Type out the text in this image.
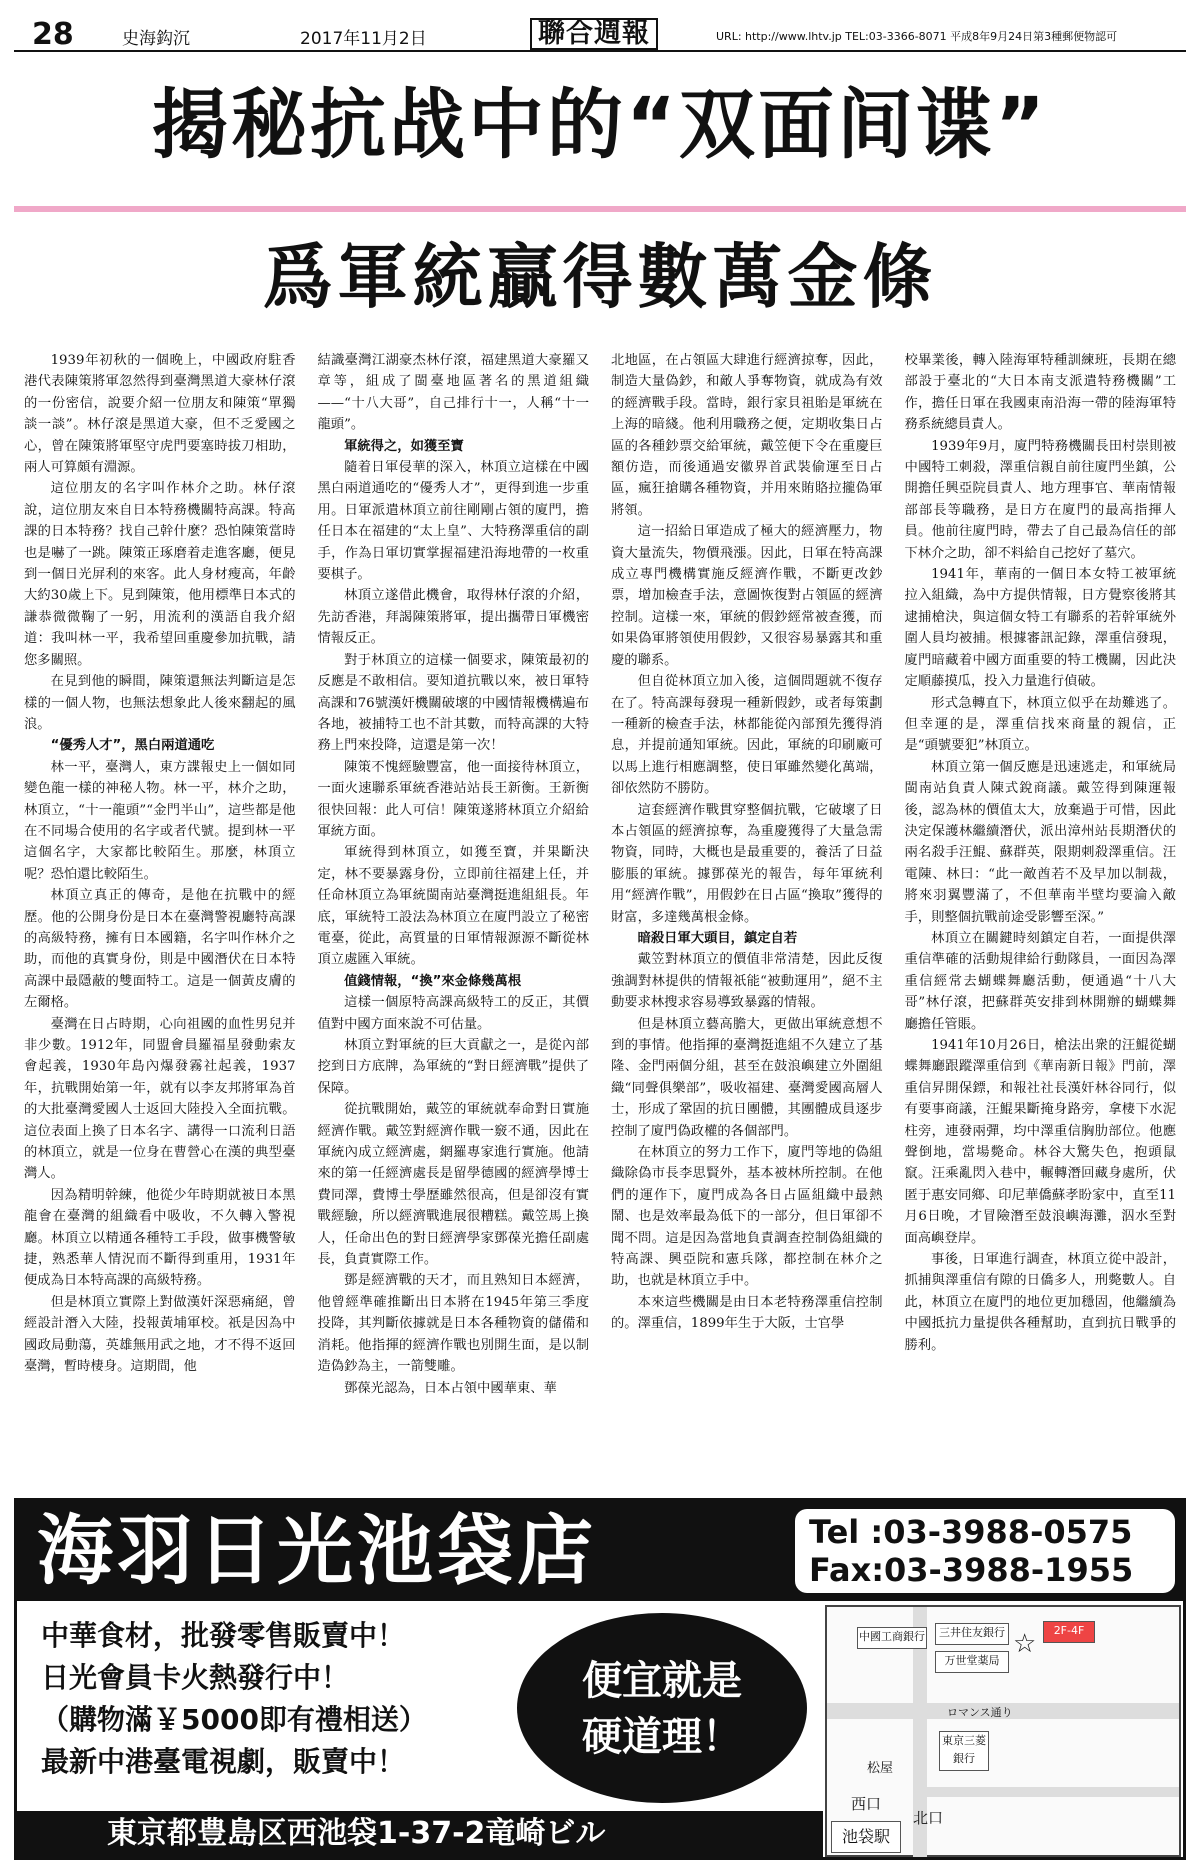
28	史海鈎沉	2017年11月2日	聯合週報	URL: http://www.lhtv.jp TEL:03-3366-8071 平成8年9月24日第3種郵便物認可
揭秘抗战中的“双面间谍”
爲軍統贏得數萬金條

1939年初秋的一個晚上，中國政府駐香港代表陳策將軍忽然得到臺灣黑道大豪林仔滾的一份密信，說要介紹一位朋友和陳策“單獨談一談”。林仔滾是黑道大豪，但不乏愛國之心，曾在陳策將軍堅守虎門要塞時拔刀相助，兩人可算頗有淵源。

這位朋友的名字叫作林介之助。林仔滾說，這位朋友來自日本特務機關特高課。特高課的日本特務？找自己幹什麼？恐怕陳策當時也是嚇了一跳。陳策正琢磨着走進客廳，便見到一個日光屏利的來客。此人身材瘦高，年齡大約30歲上下。見到陳策，他用標準日本式的謙恭微微鞠了一躬，用流利的漢語自我介紹道：我叫林一平，我希望回重慶參加抗戰，請您多關照。

在見到他的瞬間，陳策還無法判斷這是怎樣的一個人物，也無法想象此人後來翻起的風浪。

“優秀人才”，黑白兩道通吃

林一平，臺灣人，東方諜報史上一個如同變色龍一樣的神秘人物。林一平，林介之助，林頂立，“十一龍頭”“金門半山”，這些都是他在不同場合使用的名字或者代號。提到林一平這個名字，大家都比較陌生。那麼，林頂立呢？恐怕還比較陌生。

林頂立真正的傳奇，是他在抗戰中的經歷。他的公開身份是日本在臺灣警視廳特高課的高級特務，擁有日本國籍，名字叫作林介之助，而他的真實身份，則是中國潛伏在日本特高課中最隱蔽的雙面特工。這是一個黃皮膚的左爾格。

臺灣在日占時期，心向祖國的血性男兒并非少數。1912年，同盟會員羅福星發動索友會起義，1930年島內爆發霧社起義，1937年，抗戰開始第一年，就有以李友邦將軍為首的大批臺灣愛國人士返回大陸投入全面抗戰。這位表面上換了日本名字、講得一口流利日語的林頂立，就是一位身在曹營心在漢的典型臺灣人。

因為精明幹練，他從少年時期就被日本黑龍會在臺灣的組織看中吸收，不久轉入警視廳。林頂立以精通各種特工手段，做事機警敏捷，熟悉華人情況而不斷得到重用，1931年便成為日本特高課的高級特務。

但是林頂立實際上對做漢奸深惡痛絕，曾經設計潛入大陸，投報黃埔軍校。祇是因為中國政局動蕩，英雄無用武之地，才不得不返回臺灣，暫時棲身。這期間，他

結識臺灣江湖豪杰林仔滾，福建黑道大豪羅又章等，組成了閩臺地區著名的黑道組織——“十八大哥”，自己排行十一，人稱“十一龍頭”。

軍統得之，如獲至寶

隨着日軍侵華的深入，林頂立這樣在中國黑白兩道通吃的“優秀人才”，更得到進一步重用。日軍派遣林頂立前往剛剛占領的廈門，擔任日本在福建的“太上皇”、大特務澤重信的副手，作為日軍切實掌握福建沿海地帶的一枚重要棋子。

林頂立遂借此機會，取得林仔滾的介紹，先訪香港，拜謁陳策將軍，提出攜帶日軍機密情報反正。

對于林頂立的這樣一個要求，陳策最初的反應是不敢相信。要知道抗戰以來，被日軍特高課和76號漢奸機關破壞的中國情報機構遍布各地，被捕特工也不計其數，而特高課的大特務上門來投降，這還是第一次！

陳策不愧經驗豐富，他一面接待林頂立，一面火速聯系軍統香港站站長王新衡。王新衡很快回報：此人可信！陳策遂將林頂立介紹給軍統方面。

軍統得到林頂立，如獲至寶，并果斷決定，林不要暴露身份，立即前往福建上任，并任命林頂立為軍統閩南站臺灣挺進組組長。年底，軍統特工設法為林頂立在廈門設立了秘密電臺，從此，高質量的日軍情報源源不斷從林頂立處匯入軍統。

值錢情報，“換”來金條幾萬根

這樣一個原特高課高級特工的反正，其價值對中國方面來說不可估量。

林頂立對軍統的巨大貢獻之一，是從內部挖到日方底牌，為軍統的“對日經濟戰”提供了保障。

從抗戰開始，戴笠的軍統就奉命對日實施經濟作戰。戴笠對經濟作戰一竅不通，因此在軍統內成立經濟處，網羅專家進行實施。他請來的第一任經濟處長是留學德國的經濟學博士費同澤，費博士學歷雖然很高，但是卻沒有實戰經驗，所以經濟戰進展很糟糕。戴笠馬上換人，任命出色的對日經濟學家鄧葆光擔任副處長，負責實際工作。

鄧是經濟戰的天才，而且熟知日本經濟，他曾經準確推斷出日本將在1945年第三季度投降，其判斷依據就是日本各種物資的儲備和消耗。他指揮的經濟作戰也別開生面，是以制造偽鈔為主，一箭雙雕。

鄧葆光認為，日本占領中國華東、華

北地區，在占領區大肆進行經濟掠奪，因此，制造大量偽鈔，和敵人爭奪物資，就成為有效的經濟戰手段。當時，銀行家貝祖貽是軍統在上海的暗綫。他利用職務之便，定期收集日占區的各種鈔票交給軍統，戴笠便下令在重慶巨額仿造，而後通過安徽界首武裝偷運至日占區，瘋狂搶購各種物資，并用來賄賂拉攏偽軍將領。

這一招給日軍造成了極大的經濟壓力，物資大量流失，物價飛漲。因此，日軍在特高課成立專門機構實施反經濟作戰，不斷更改鈔票，增加檢查手法，意圖恢復對占領區的經濟控制。這樣一來，軍統的假鈔經常被查獲，而如果偽軍將領使用假鈔，又很容易暴露其和重慶的聯系。

但自從林頂立加入後，這個問題就不復存在了。特高課每發現一種新假鈔，或者每策劃一種新的檢查手法，林都能從內部預先獲得消息，并提前通知軍統。因此，軍統的印刷廠可以馬上進行相應調整，使日軍雖然變化萬端，卻依然防不勝防。

這套經濟作戰貫穿整個抗戰，它破壞了日本占領區的經濟掠奪，為重慶獲得了大量急需物資，同時，大概也是最重要的，養活了日益膨脹的軍統。據鄧葆光的報告，每年軍統利用“經濟作戰”，用假鈔在日占區“換取”獲得的財富，多達幾萬根金條。

暗殺日軍大頭目，鎮定自若

戴笠對林頂立的價值非常清楚，因此反復強調對林提供的情報祇能“被動運用”，絕不主動要求林搜求容易導致暴露的情報。

但是林頂立藝高膽大，更做出軍統意想不到的事情。他指揮的臺灣挺進組不久建立了基隆、金門兩個分組，甚至在鼓浪嶼建立外圍組織“同聲俱樂部”，吸收福建、臺灣愛國高層人士，形成了鞏固的抗日團體，其團體成員逐步控制了廈門偽政權的各個部門。

在林頂立的努力工作下，廈門等地的偽組織除偽市長李思賢外，基本被林所控制。在他們的運作下，廈門成為各日占區組織中最熱鬧、也是效率最為低下的一部分，但日軍卻不聞不問。這是因為當地負責調查控制偽組織的特高課、興亞院和憲兵隊，都控制在林介之助，也就是林頂立手中。

本來這些機關是由日本老特務澤重信控制的。澤重信，1899年生于大阪，士官學

校畢業後，轉入陸海軍特種訓練班，長期在總部設于臺北的“大日本南支派遣特務機關”工作，擔任日軍在我國東南沿海一帶的陸海軍特務系統總員責人。

1939年9月，廈門特務機關長田村崇則被中國特工刺殺，澤重信親自前往廈門坐鎮，公開擔任興亞院員責人、地方理事官、華南情報部部長等職務，是日方在廈門的最高指揮人員。他前往廈門時，帶去了自己最為信任的部下林介之助，卻不料給自己挖好了墓穴。

1941年，華南的一個日本女特工被軍統拉入組織，為中方提供情報，日方覺察後將其逮捕槍決，與這個女特工有聯系的若幹軍統外圍人員均被捕。根據審訊記錄，澤重信發現，廈門暗藏着中國方面重要的特工機關，因此決定順藤摸瓜，投入力量進行偵破。

形式急轉直下，林頂立似乎在劫難逃了。但幸運的是，澤重信找來商量的親信，正是“頭號要犯”林頂立。

林頂立第一個反應是迅速逃走，和軍統局閩南站負責人陳式銳商議。戴笠得到陳運報後，認為林的價值太大，放棄過于可惜，因此決定保護林繼續潛伏，派出漳州站長期潛伏的兩名殺手汪鯤、蘇群英，限期刺殺澤重信。汪電陳、林曰：“此一敵酋若不及早加以制裁，將來羽翼豐滿了，不但華南半壁均要淪入敵手，則整個抗戰前途受影響至深。”

林頂立在關鍵時刻鎮定自若，一面提供澤重信準確的活動規律給行動隊員，一面因為澤重信經常去蝴蝶舞廳活動，便通過“十八大哥”林仔滾，把蘇群英安排到林開辦的蝴蝶舞廳擔任管賬。

1941年10月26日，槍法出衆的汪鯤從蝴蝶舞廳跟蹤澤重信到《華南新日報》門前，澤重信昇開保鏢，和報社社長漢奸林谷同行，似有要事商議，汪鯤果斷掩身路旁，拿棲下水泥柱旁，連發兩彈，均中澤重信胸肋部位。他應聲倒地，當場斃命。林谷大驚失色，抱頭鼠竄。汪乘亂閃入巷中，輾轉潛回藏身處所，伏匿于惠安同鄉、印尼華僑蘇孝盼家中，直至11月6日晚，才冒險潛至鼓浪嶼海灘，泅水至對面高嶼登岸。

事後，日軍進行調查，林頂立從中設計，抓捕與澤重信有隙的日僑多人，刑斃數人。自此，林頂立在廈門的地位更加穩固，他繼續為中國抵抗力量提供各種幫助，直到抗日戰爭的勝利。

海羽日光池袋店	Tel :03-3988-0575
Fax:03-3988-1955
中華食材，批發零售販賣中！
日光會員卡火熱發行中！
（購物滿￥5000即有禮相送）
最新中港臺電視劇，販賣中！
便宜就是
硬道理！
東京都豊島区西池袋1-37-2竜崎ビル
中國工商銀行	三井住友銀行
万世堂薬局
☆	2F-4F
ロマンス通り
東京三菱銀行
松屋
西口
北口
池袋駅
